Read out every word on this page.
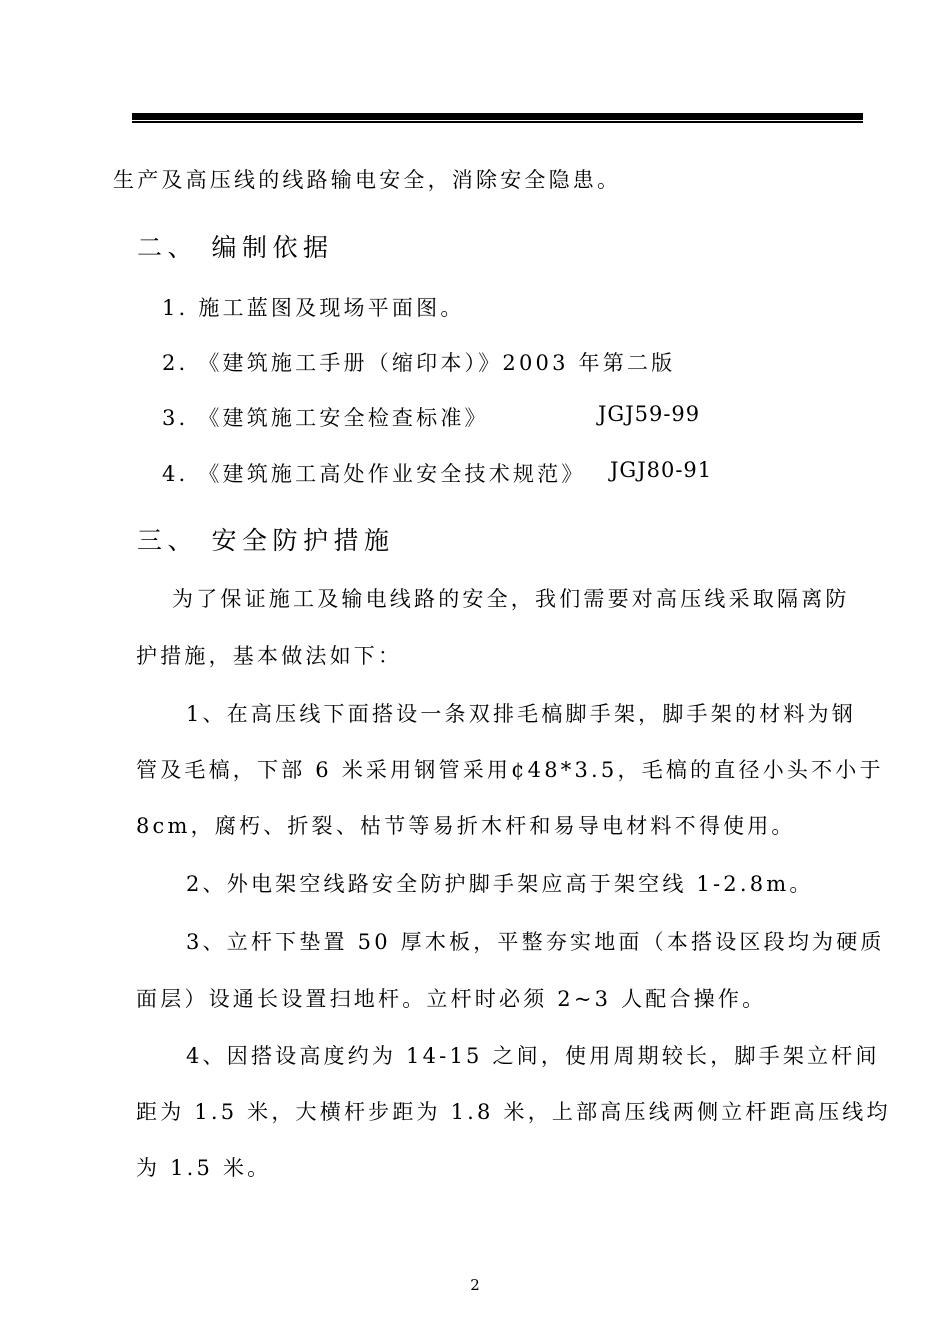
生产及高压线的线路输电安全，消除安全隐患。
二、 编制依据
1. 施工蓝图及现场平面图。
2. 《建筑施工手册（缩印本）》2003 年第二版
3. 《建筑施工安全检查标准》	JGJ59-99
4. 《建筑施工高处作业安全技术规范》 JGJ80-91
三、 安全防护措施
为了保证施工及输电线路的安全，我们需要对高压线采取隔离防
护措施，基本做法如下：
1、在高压线下面搭设一条双排毛槁脚手架，脚手架的材料为钢
管及毛槁，下部 6 米采用钢管采用¢48*3.5，毛槁的直径小头不小于
8cm，腐朽、折裂、枯节等易折木杆和易导电材料不得使用。
2、外电架空线路安全防护脚手架应高于架空线 1-2.8m。
3、立杆下垫置 50 厚木板，平整夯实地面（本搭设区段均为硬质
面层）设通长设置扫地杆。立杆时必须 2~3 人配合操作。
4、因搭设高度约为 14-15 之间，使用周期较长，脚手架立杆间
距为 1.5 米，大横杆步距为 1.8 米，上部高压线两侧立杆距高压线均
为 1.5 米。
2
